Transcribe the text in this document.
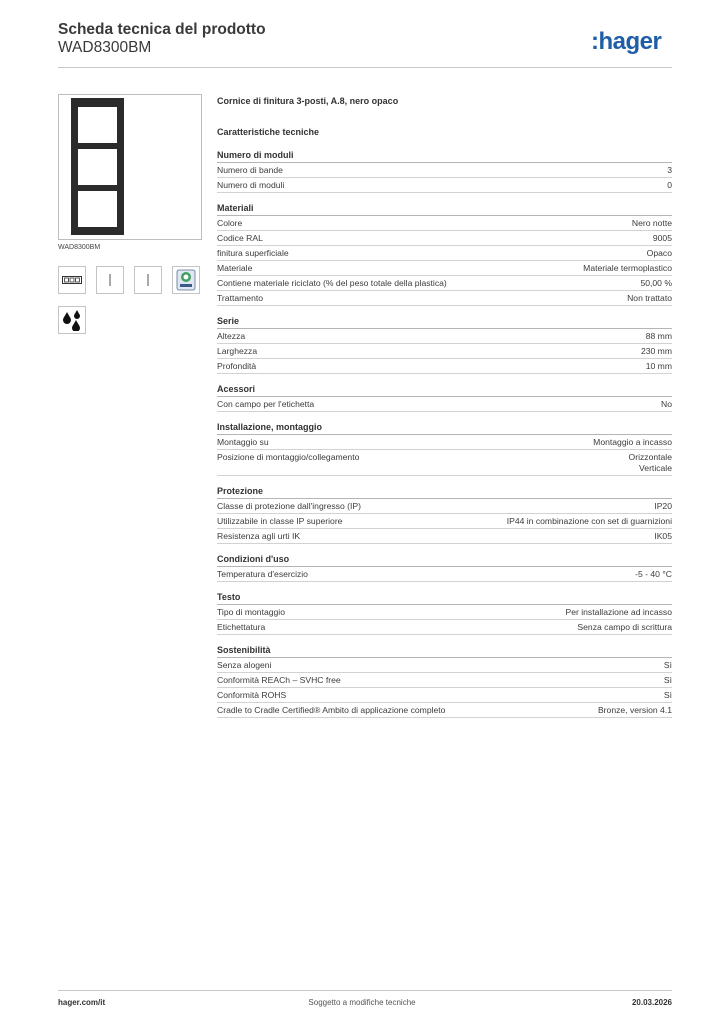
Scheda tecnica del prodotto
WAD8300BM	:hager
WAD8300BM
Cornice di finitura 3-posti, A.8, nero opaco
Caratteristiche tecniche
Numero di moduli
Numero di bande	3
Numero di moduli	0
Materiali
Colore	Nero notte
Codice RAL	9005
finitura superficiale	Opaco
Materiale	Materiale termoplastico
Contiene materiale riciclato (% del peso totale della plastica)	50,00 %
Trattamento	Non trattato
Serie
Altezza	88 mm
Larghezza	230 mm
Profondità	10 mm
Acessori
Con campo per l'etichetta	No
Installazione, montaggio
Montaggio su	Montaggio a incasso
Posizione di montaggio/collegamento	Orizzontale
Verticale
Protezione
Classe di protezione dall'ingresso (IP)	IP20
Utilizzabile in classe IP superiore	IP44 in combinazione con set di guarnizioni
Resistenza agli urti IK	IK05
Condizioni d'uso
Temperatura d'esercizio	-5 - 40 °C
Testo
Tipo di montaggio	Per installazione ad incasso
Etichettatura	Senza campo di scrittura
Sostenibilità
Senza alogeni	Sì
Conformità REACh – SVHC free	Sì
Conformità ROHS	Sì
Cradle to Cradle Certified® Ambito di applicazione completo	Bronze, version 4.1
Soggetto a modifiche tecniche
hager.com/it	20.03.2026
